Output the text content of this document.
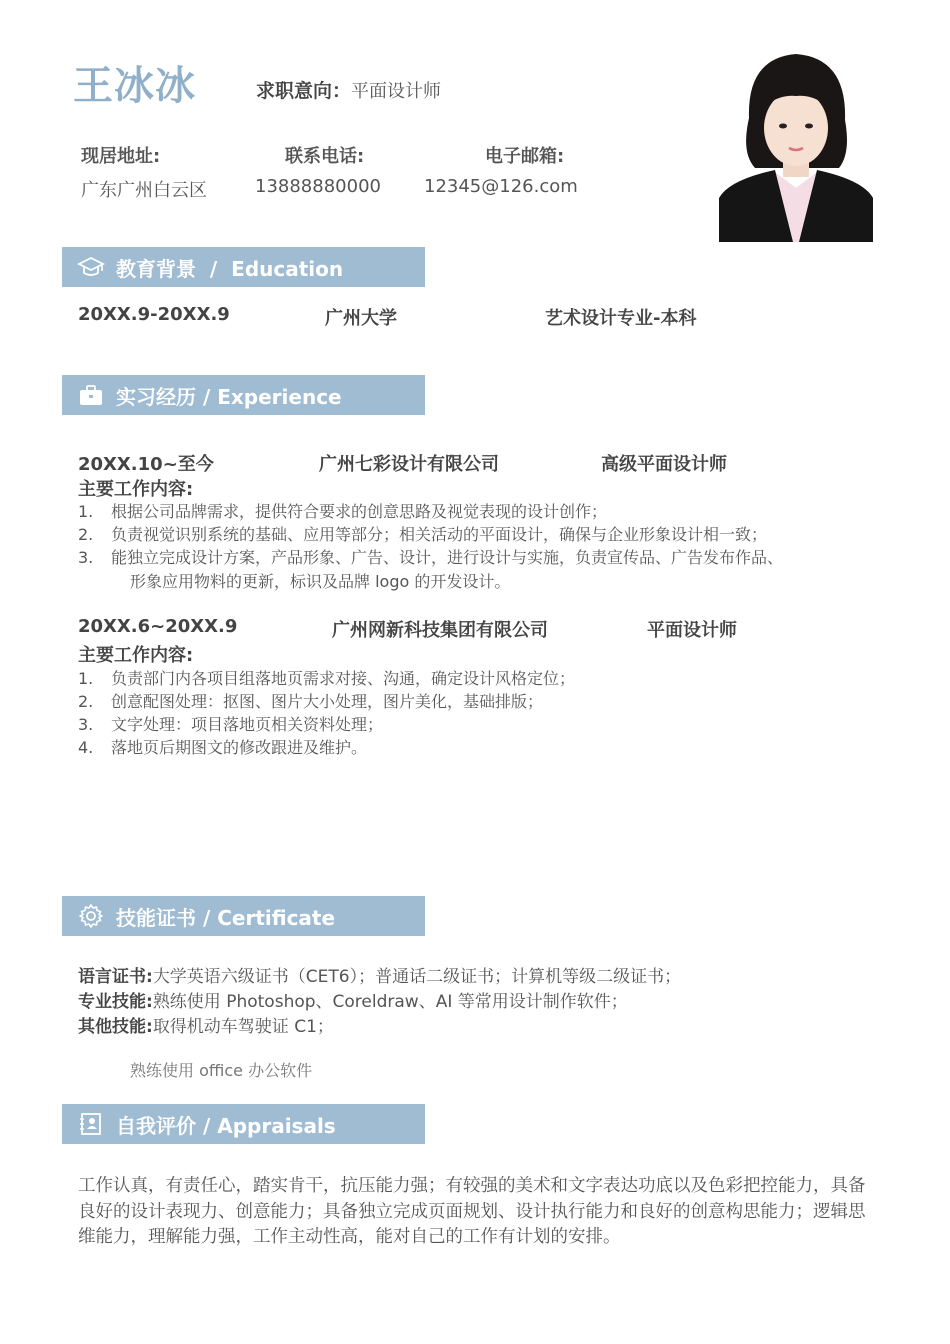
王冰冰	求职意向：平面设计师
现居地址:
广东广州白云区
联系电话:
13888880000
电子邮箱:
12345@126.com
教育背景  /  Education
20XX.9-20XX.9	广州大学	艺术设计专业-本科
实习经历 / Experience
20XX.10~至今	广州七彩设计有限公司	高级平面设计师
主要工作内容:
1. 根据公司品牌需求，提供符合要求的创意思路及视觉表现的设计创作；
2. 负责视觉识别系统的基础、应用等部分；相关活动的平面设计，确保与企业形象设计相一致；
3. 能独立完成设计方案，产品形象、广告、设计，进行设计与实施，负责宣传品、广告发布作品、
形象应用物料的更新，标识及品牌 logo 的开发设计。
20XX.6~20XX.9	广州网新科技集团有限公司	平面设计师
主要工作内容:
1. 负责部门内各项目组落地页需求对接、沟通，确定设计风格定位；
2. 创意配图处理：抠图、图片大小处理，图片美化，基础排版；
3. 文字处理：项目落地页相关资料处理；
4. 落地页后期图文的修改跟进及维护。
技能证书 / Certificate
语言证书:大学英语六级证书（CET6）；普通话二级证书；计算机等级二级证书；
专业技能:熟练使用 Photoshop、Coreldraw、AI 等常用设计制作软件；
其他技能:取得机动车驾驶证 C1；
熟练使用 office 办公软件
自我评价 / Appraisals
工作认真，有责任心，踏实肯干，抗压能力强；有较强的美术和文字表达功底以及色彩把控能力，具备良好的设计表现力、创意能力；具备独立完成页面规划、设计执行能力和良好的创意构思能力；逻辑思维能力，理解能力强，工作主动性高，能对自己的工作有计划的安排。
